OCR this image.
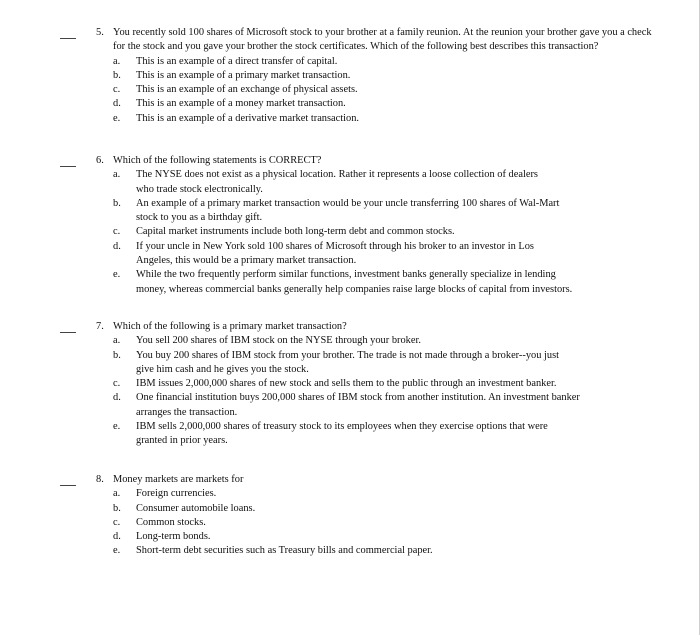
5. You recently sold 100 shares of Microsoft stock to your brother at a family reunion. At the reunion your brother gave you a check for the stock and you gave your brother the stock certificates. Which of the following best describes this transaction?
a. This is an example of a direct transfer of capital.
b. This is an example of a primary market transaction.
c. This is an example of an exchange of physical assets.
d. This is an example of a money market transaction.
e. This is an example of a derivative market transaction.
6. Which of the following statements is CORRECT?
a. The NYSE does not exist as a physical location. Rather it represents a loose collection of dealers who trade stock electronically.
b. An example of a primary market transaction would be your uncle transferring 100 shares of Wal-Mart stock to you as a birthday gift.
c. Capital market instruments include both long-term debt and common stocks.
d. If your uncle in New York sold 100 shares of Microsoft through his broker to an investor in Los Angeles, this would be a primary market transaction.
e. While the two frequently perform similar functions, investment banks generally specialize in lending money, whereas commercial banks generally help companies raise large blocks of capital from investors.
7. Which of the following is a primary market transaction?
a. You sell 200 shares of IBM stock on the NYSE through your broker.
b. You buy 200 shares of IBM stock from your brother. The trade is not made through a broker--you just give him cash and he gives you the stock.
c. IBM issues 2,000,000 shares of new stock and sells them to the public through an investment banker.
d. One financial institution buys 200,000 shares of IBM stock from another institution. An investment banker arranges the transaction.
e. IBM sells 2,000,000 shares of treasury stock to its employees when they exercise options that were granted in prior years.
8. Money markets are markets for
a. Foreign currencies.
b. Consumer automobile loans.
c. Common stocks.
d. Long-term bonds.
e. Short-term debt securities such as Treasury bills and commercial paper.
